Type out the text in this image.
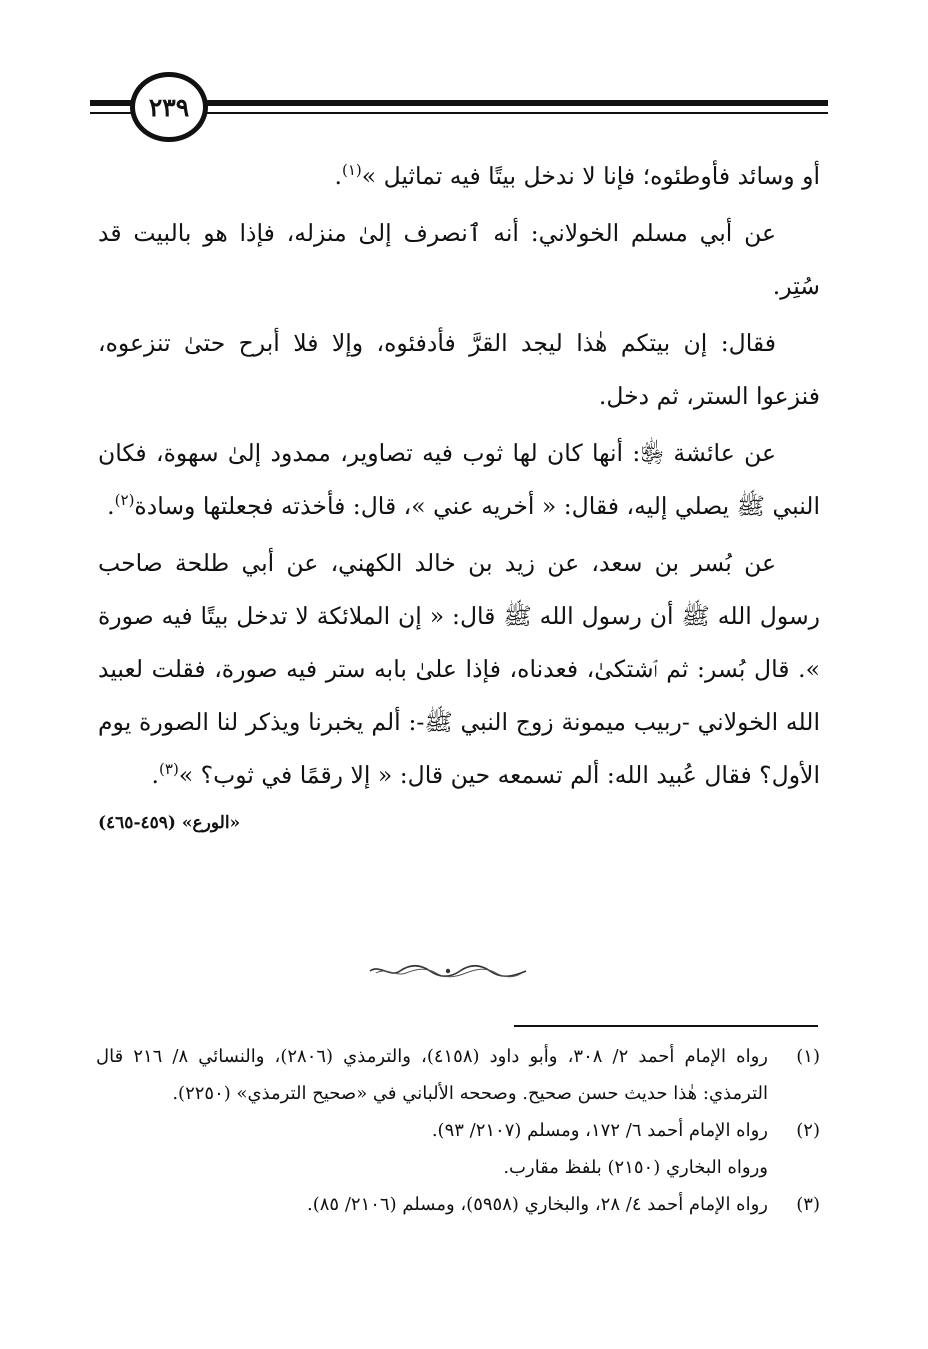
٢٣٩

أو وسائد فأوطئوه؛ فإنا لا ندخل بيتًا فيه تماثيل »$^{(١)}$.

عن أبي مسلم الخولاني: أنه ٱنصرف إلىٰ منزله، فإذا هو بالبيت قد سُتِر.

فقال: إن بيتكم هٰذا ليجد القرَّ فأدفئوه، وإلا فلا أبرح حتىٰ تنزعوه، فنزعوا الستر، ثم دخل.

عن عائشة ﵂: أنها كان لها ثوب فيه تصاوير، ممدود إلىٰ سهوة، فكان النبي ﷺ يصلي إليه، فقال: « أخريه عني »، قال: فأخذته فجعلتها وسادة$^{(٢)}$.

عن بُسر بن سعد، عن زيد بن خالد الكهني، عن أبي طلحة صاحب رسول الله ﷺ أن رسول الله ﷺ قال: « إن الملائكة لا تدخل بيتًا فيه صورة ». قال بُسر: ثم ٱشتكىٰ، فعدناه، فإذا علىٰ بابه ستر فيه صورة، فقلت لعبيد الله الخولاني -ربيب ميمونة زوج النبي ﷺ-: ألم يخبرنا ويذكر لنا الصورة يوم الأول؟ فقال عُبيد الله: ألم تسمعه حين قال: « إلا رقمًا في ثوب؟ »$^{(٣)}$.

«الورع» (٤٥٩-٤٦٥)

(١)
رواه الإمام أحمد ٢/ ٣٠٨، وأبو داود (٤١٥٨)، والترمذي (٢٨٠٦)، والنسائي ٨/ ٢١٦ قال الترمذي: هٰذا حديث حسن صحيح. وصححه الألباني في «صحيح الترمذي» (٢٢٥٠).
(٢)
رواه الإمام أحمد ٦/ ١٧٢، ومسلم (٢١٠٧/ ٩٣).
ورواه البخاري (٢١٥٠) بلفظ مقارب.
(٣)
رواه الإمام أحمد ٤/ ٢٨، والبخاري (٥٩٥٨)، ومسلم (٢١٠٦/ ٨٥).
